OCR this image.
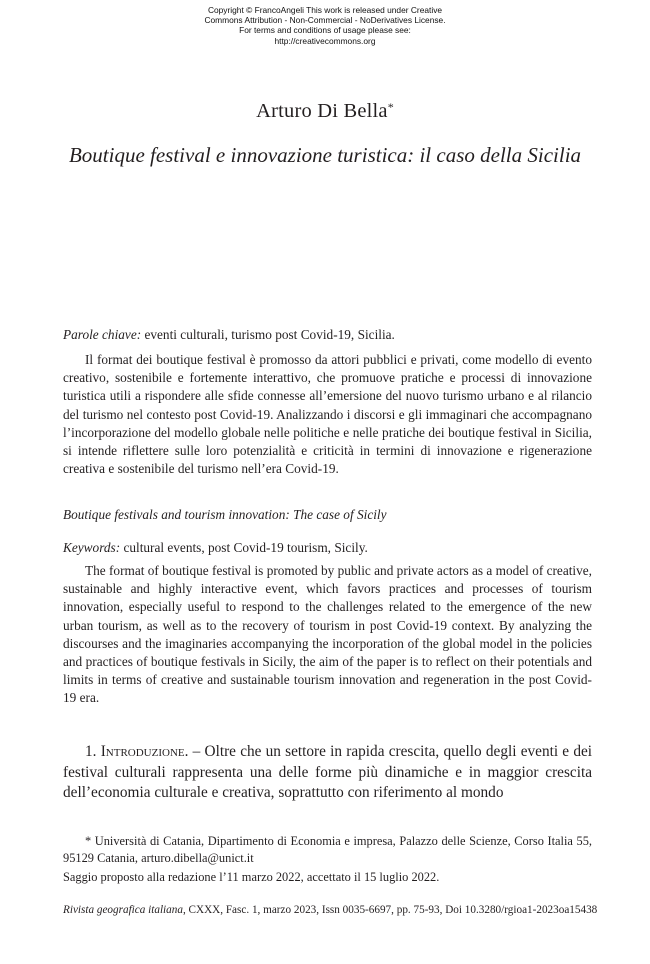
Copyright © FrancoAngeli This work is released under Creative
Commons Attribution - Non-Commercial - NoDerivatives License.
For terms and conditions of usage please see:
http://creativecommons.org
Arturo Di Bella*
Boutique festival e innovazione turistica: il caso della Sicilia
Parole chiave: eventi culturali, turismo post Covid-19, Sicilia.
Il format dei boutique festival è promosso da attori pubblici e privati, come modello di evento creativo, sostenibile e fortemente interattivo, che promuove pratiche e processi di innovazione turistica utili a rispondere alle sfide connesse all’emersione del nuovo turismo urbano e al rilancio del turismo nel contesto post Covid-19. Analizzando i discorsi e gli immaginari che accompagnano l’incorporazione del modello globale nelle politiche e nelle pratiche dei boutique festival in Sicilia, si intende riflettere sulle loro potenzialità e criticità in termini di innovazione e rigenerazione creativa e sostenibile del turismo nell’era Covid-19.
Boutique festivals and tourism innovation: The case of Sicily
Keywords: cultural events, post Covid-19 tourism, Sicily.
The format of boutique festival is promoted by public and private actors as a model of creative, sustainable and highly interactive event, which favors practices and processes of tourism innovation, especially useful to respond to the challenges related to the emergence of the new urban tourism, as well as to the recovery of tourism in post Covid-19 context. By analyzing the discourses and the imaginaries accompanying the incorporation of the global model in the policies and practices of boutique festivals in Sicily, the aim of the paper is to reflect on their potentials and limits in terms of creative and sustainable tourism innovation and regeneration in the post Covid-19 era.
1. Introduzione. – Oltre che un settore in rapida crescita, quello degli eventi e dei festival culturali rappresenta una delle forme più dinamiche e in maggior crescita dell’economia culturale e creativa, soprattutto con riferimento al mondo
* Università di Catania, Dipartimento di Economia e impresa, Palazzo delle Scienze, Corso Italia 55, 95129 Catania, arturo.dibella@unict.it
Saggio proposto alla redazione l’11 marzo 2022, accettato il 15 luglio 2022.
Rivista geografica italiana, CXXX, Fasc. 1, marzo 2023, Issn 0035-6697, pp. 75-93, Doi 10.3280/rgioa1-2023oa15438
